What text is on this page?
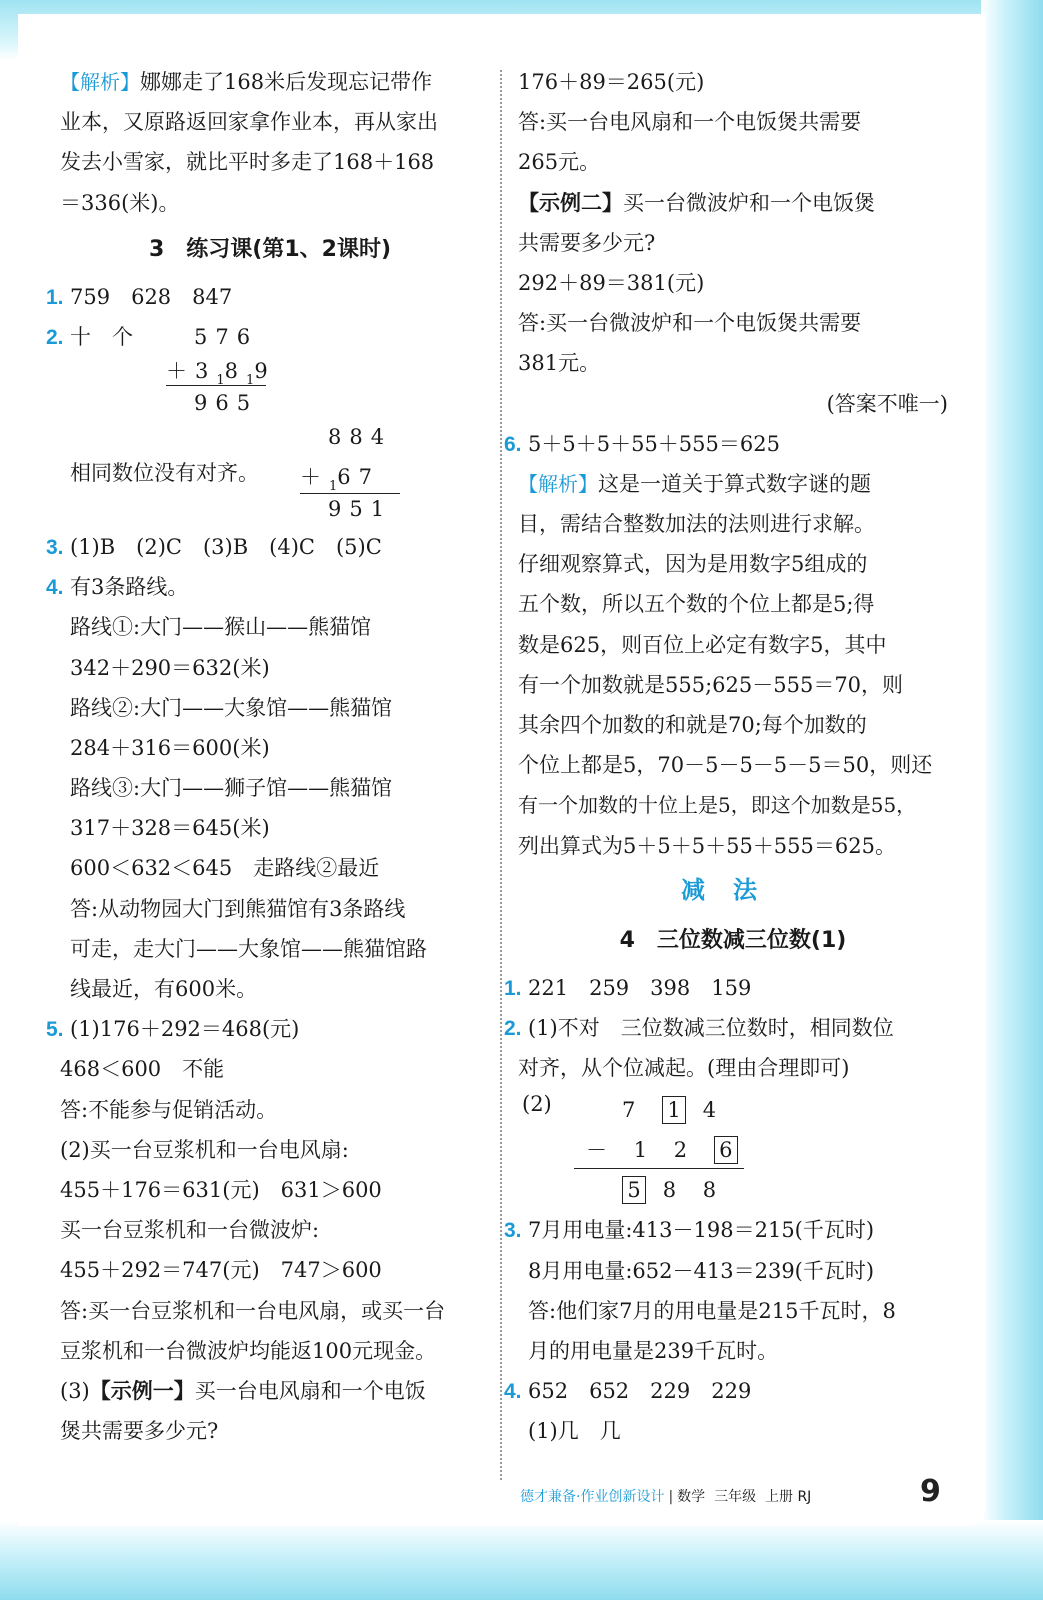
【解析】娜娜走了168米后发现忘记带作
业本，又原路返回家拿作业本，再从家出
发去小雪家，就比平时多走了168＋168
＝336(米)。
3　练习课(第1、2课时)
1. 759　628　847
2. 十　个	576
$+3_18_19$
965
884
相同数位没有对齐。 $+_167$
951
3. (1)B　(2)C　(3)B　(4)C　(5)C
4. 有3条路线。
路线①:大门——猴山——熊猫馆
342＋290＝632(米)
路线②:大门——大象馆——熊猫馆
284＋316＝600(米)
路线③:大门——狮子馆——熊猫馆
317＋328＝645(米)
600＜632＜645　走路线②最近
答:从动物园大门到熊猫馆有3条路线
可走，走大门——大象馆——熊猫馆路
线最近，有600米。
5. (1)176＋292＝468(元)
468＜600　不能
答:不能参与促销活动。
(2)买一台豆浆机和一台电风扇:
455＋176＝631(元)　631＞600
买一台豆浆机和一台微波炉:
455＋292＝747(元)　747＞600
答:买一台豆浆机和一台电风扇，或买一台
豆浆机和一台微波炉均能返100元现金。
(3)【示例一】买一台电风扇和一个电饭
煲共需要多少元?
176＋89＝265(元)
答:买一台电风扇和一个电饭煲共需要
265元。
【示例二】买一台微波炉和一个电饭煲
共需要多少元?
292＋89＝381(元)
答:买一台微波炉和一个电饭煲共需要
381元。
(答案不唯一)
6. 5＋5＋5＋55＋555＝625
【解析】这是一道关于算式数字谜的题
目，需结合整数加法的法则进行求解。
仔细观察算式，因为是用数字5组成的
五个数，所以五个数的个位上都是5;得
数是625，则百位上必定有数字5，其中
有一个加数就是555;625－555＝70，则
其余四个加数的和就是70;每个加数的
个位上都是5，70－5－5－5－5＝50，则还
有一个加数的十位上是5，即这个加数是55，
列出算式为5＋5＋5＋55＋555＝625。
减法
4　三位数减三位数(1)
1. 221　259　398　159
2. (1)不对　三位数减三位数时，相同数位
对齐，从个位减起。(理由合理即可)
(2)	7 1 4
－ 1 2 6
5 8 8
3. 7月用电量:413－198＝215(千瓦时)
8月用电量:652－413＝239(千瓦时)
答:他们家7月的用电量是215千瓦时，8
月的用电量是239千瓦时。
4. 652　652　229　229
(1)几　几
德才兼备·作业创新设计 | 数学 三年级 上册 RJ	9
